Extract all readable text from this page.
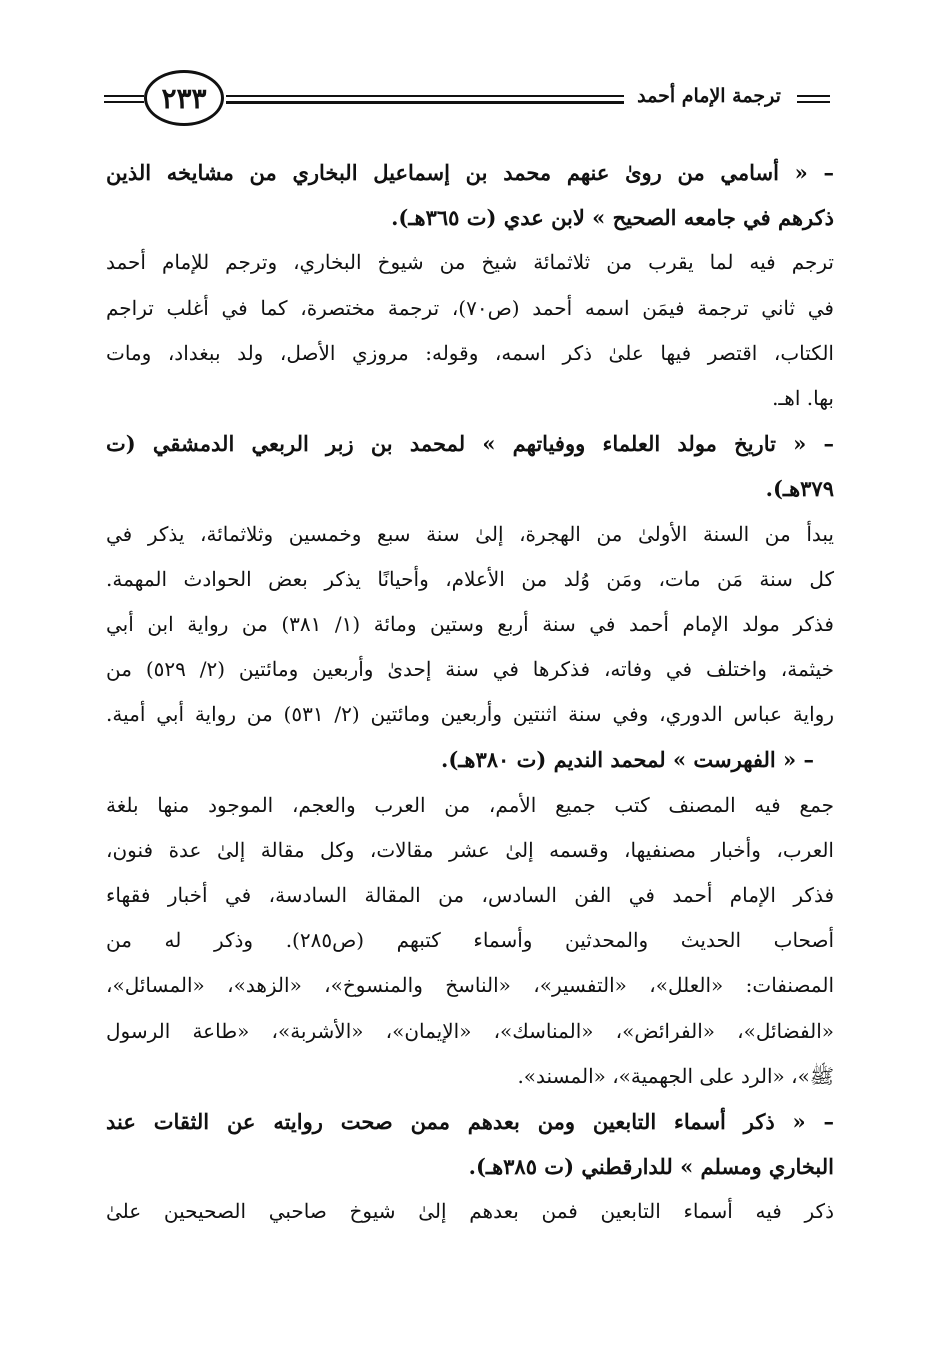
٢٣٣	ترجمة الإمام أحمد
– « أسامي من روىٰ عنهم محمد بن إسماعيل البخاري من مشايخه الذين
ذكرهم في جامعه الصحيح » لابن عدي (ت ٣٦٥هـ).
ترجم فيه لما يقرب من ثلاثمائة شيخ من شيوخ البخاري، وترجم للإمام أحمد
في ثاني ترجمة فيمَن اسمه أحمد (ص٧٠)، ترجمة مختصرة، كما في أغلب تراجم
الكتاب، اقتصر فيها علىٰ ذكر اسمه، وقوله: مروزي الأصل، ولد ببغداد، ومات
بها. اهـ.
– « تاريخ مولد العلماء ووفياتهم » لمحمد بن زبر الربعي الدمشقي (ت
٣٧٩هـ).
يبدأ من السنة الأولىٰ من الهجرة، إلىٰ سنة سبع وخمسين وثلاثمائة، يذكر في
كل سنة مَن مات، ومَن وُلد من الأعلام، وأحيانًا يذكر بعض الحوادث المهمة.
فذكر مولد الإمام أحمد في سنة أربع وستين ومائة (١/ ٣٨١) من رواية ابن أبي
خيثمة، واختلف في وفاته، فذكرها في سنة إحدىٰ وأربعين ومائتين (٢/ ٥٢٩) من
رواية عباس الدوري، وفي سنة اثنتين وأربعين ومائتين (٢/ ٥٣١) من رواية أبي أمية.
– « الفهرست » لمحمد النديم (ت ٣٨٠هـ).
جمع فيه المصنف كتب جميع الأمم، من العرب والعجم، الموجود منها بلغة
العرب، وأخبار مصنفيها، وقسمه إلىٰ عشر مقالات، وكل مقالة إلىٰ عدة فنون،
فذكر الإمام أحمد في الفن السادس، من المقالة السادسة، في أخبار فقهاء
أصحاب الحديث والمحدثين وأسماء كتبهم (ص٢٨٥). وذكر له من
المصنفات: «العلل»، «التفسير»، «الناسخ والمنسوخ»، «الزهد»، «المسائل»،
«الفضائل»، «الفرائض»، «المناسك»، «الإيمان»، «الأشربة»، «طاعة الرسول
ﷺ»، «الرد على الجهمية»، «المسند».
– « ذكر أسماء التابعين ومن بعدهم ممن صحت روايته عن الثقات عند
البخاري ومسلم » للدارقطني (ت ٣٨٥هـ).
ذكر فيه أسماء التابعين فمن بعدهم إلىٰ شيوخ صاحبي الصحيحين علىٰ
